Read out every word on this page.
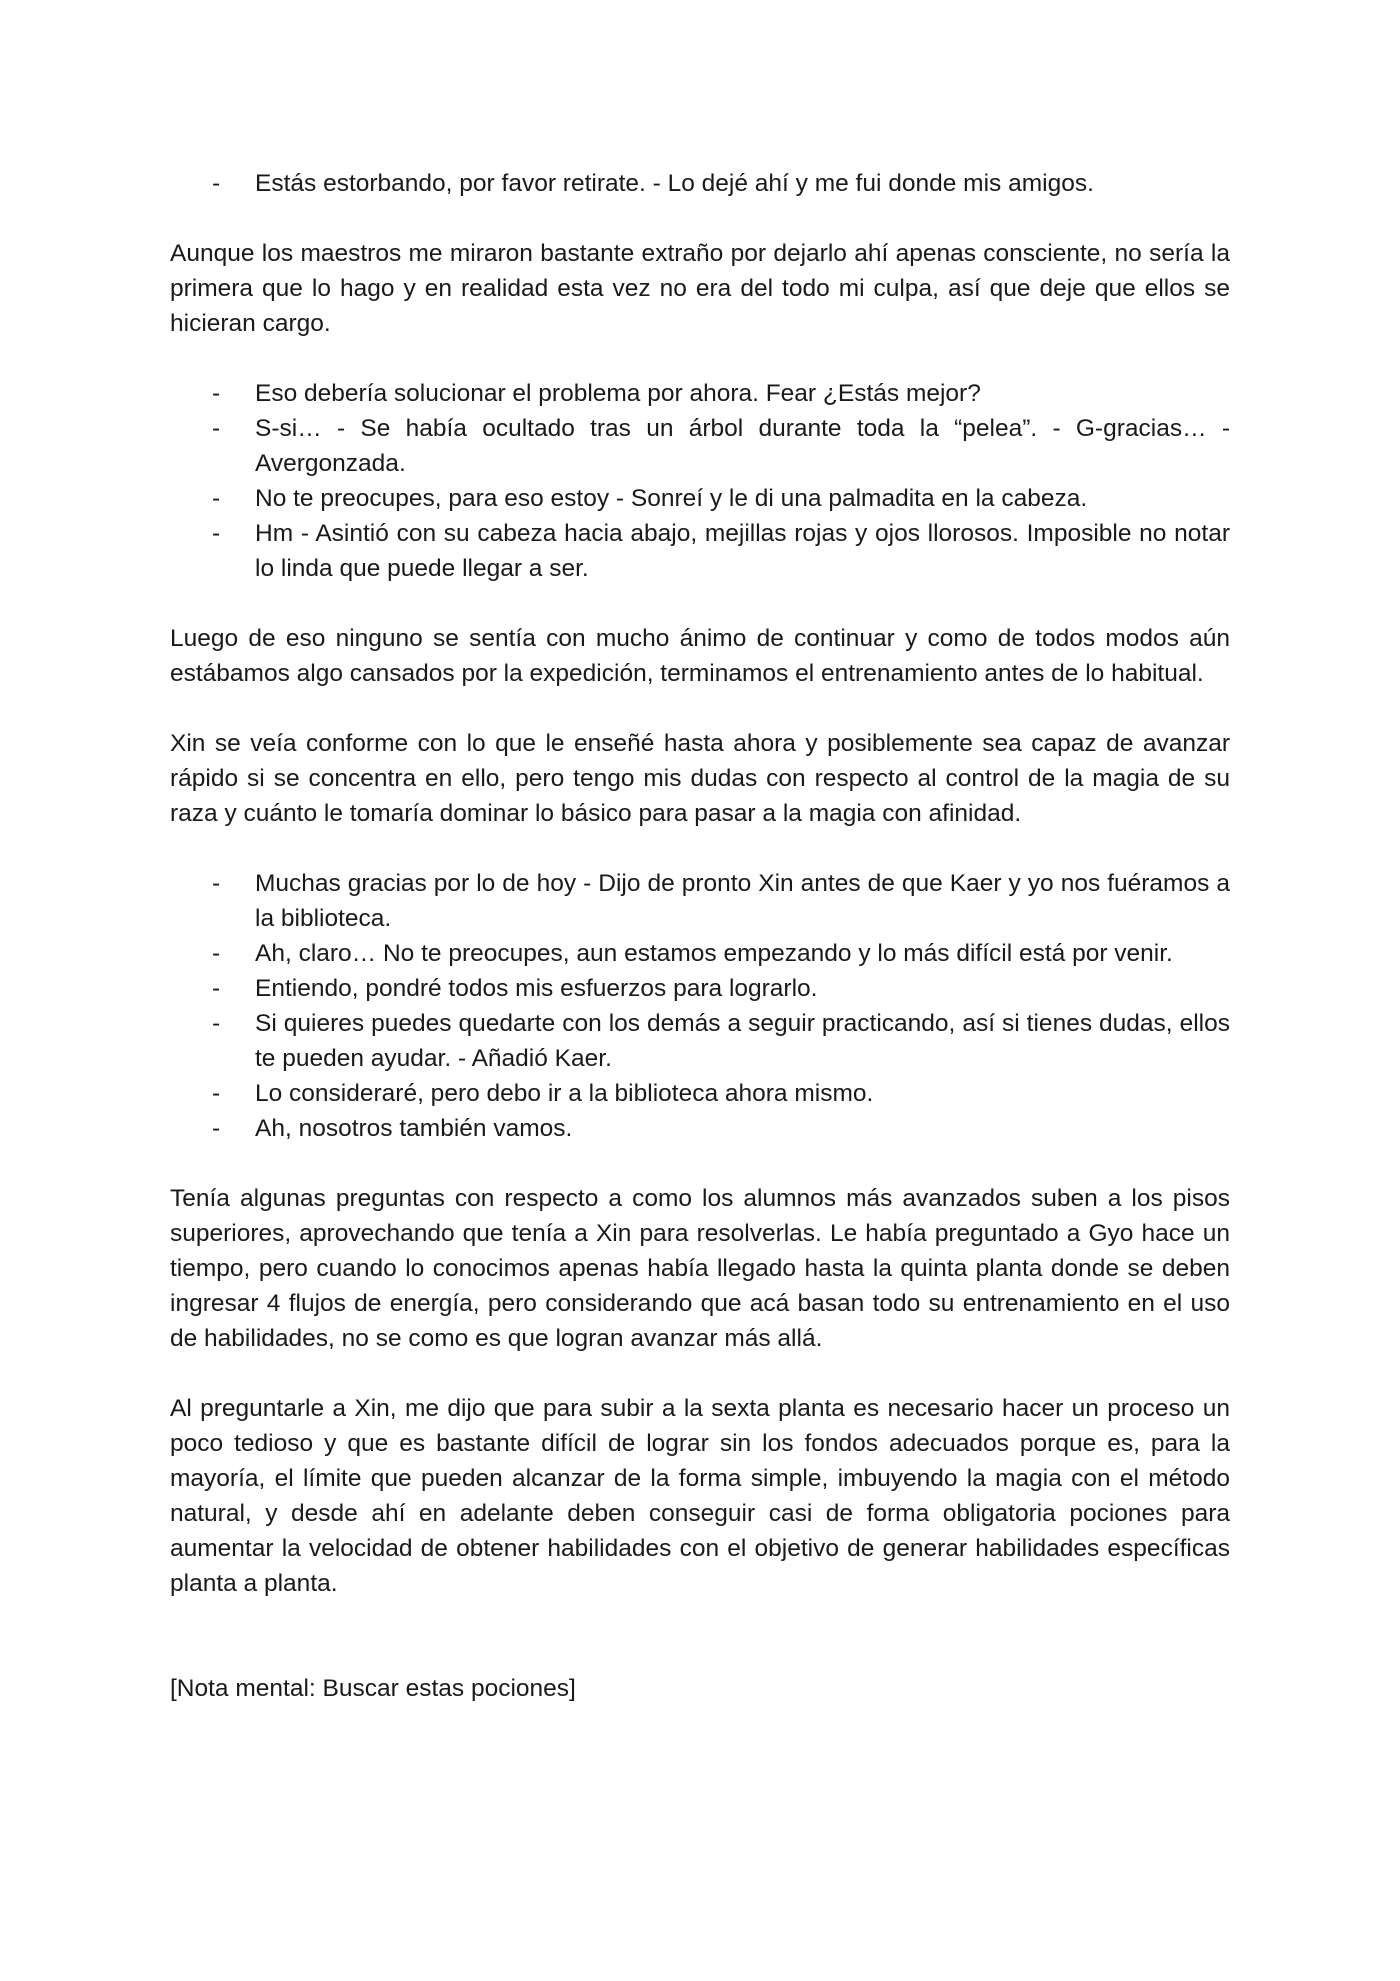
-	Estás estorbando, por favor retirate. - Lo dejé ahí y me fui donde mis amigos.

Aunque los maestros me miraron bastante extraño por dejarlo ahí apenas consciente, no sería la primera que lo hago y en realidad esta vez no era del todo mi culpa, así que deje que ellos se hicieran cargo.

-	Eso debería solucionar el problema por ahora. Fear ¿Estás mejor?
-	S-si… - Se había ocultado tras un árbol durante toda la “pelea”. - G-gracias… - Avergonzada.
-	No te preocupes, para eso estoy - Sonreí y le di una palmadita en la cabeza.
-	Hm - Asintió con su cabeza hacia abajo, mejillas rojas y ojos llorosos. Imposible no notar lo linda que puede llegar a ser.

Luego de eso ninguno se sentía con mucho ánimo de continuar y como de todos modos aún estábamos algo cansados por la expedición, terminamos el entrenamiento antes de lo habitual.

Xin se veía conforme con lo que le enseñé hasta ahora y posiblemente sea capaz de avanzar rápido si se concentra en ello, pero tengo mis dudas con respecto al control de la magia de su raza y cuánto le tomaría dominar lo básico para pasar a la magia con afinidad.

-	Muchas gracias por lo de hoy - Dijo de pronto Xin antes de que Kaer y yo nos fuéramos a la biblioteca.
-	Ah, claro… No te preocupes, aun estamos empezando y lo más difícil está por venir.
-	Entiendo, pondré todos mis esfuerzos para lograrlo.
-	Si quieres puedes quedarte con los demás a seguir practicando, así si tienes dudas, ellos te pueden ayudar. - Añadió Kaer.
-	Lo consideraré, pero debo ir a la biblioteca ahora mismo.
-	Ah, nosotros también vamos.

Tenía algunas preguntas con respecto a como los alumnos más avanzados suben a los pisos superiores, aprovechando que tenía a Xin para resolverlas. Le había preguntado a Gyo hace un tiempo, pero cuando lo conocimos apenas había llegado hasta la quinta planta donde se deben ingresar 4 flujos de energía, pero considerando que acá basan todo su entrenamiento en el uso de habilidades, no se como es que logran avanzar más allá.

Al preguntarle a Xin, me dijo que para subir a la sexta planta es necesario hacer un proceso un poco tedioso y que es bastante difícil de lograr sin los fondos adecuados porque es, para la mayoría, el límite que pueden alcanzar de la forma simple, imbuyendo la magia con el método natural, y desde ahí en adelante deben conseguir casi de forma obligatoria pociones para aumentar la velocidad de obtener habilidades con el objetivo de generar habilidades específicas planta a planta.

[Nota mental: Buscar estas pociones]
